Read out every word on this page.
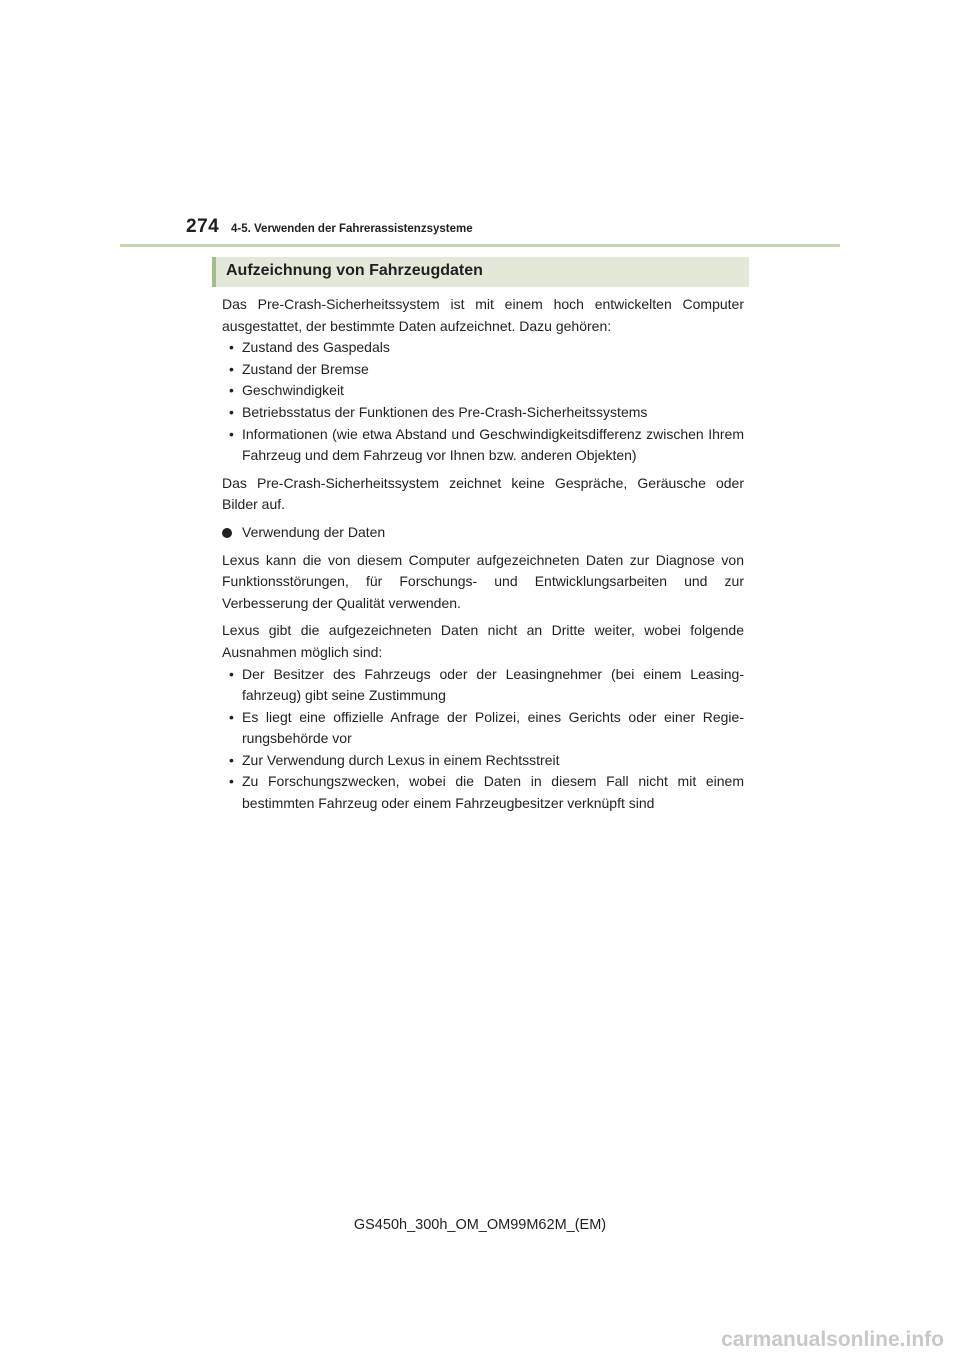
274 4-5. Verwenden der Fahrerassistenzsysteme
Aufzeichnung von Fahrzeugdaten

Das Pre-Crash-Sicherheitssystem ist mit einem hoch entwickelten Computer ausgestattet, der bestimmte Daten aufzeichnet. Dazu gehören:

• Zustand des Gaspedals
• Zustand der Bremse
• Geschwindigkeit
• Betriebsstatus der Funktionen des Pre-Crash-Sicherheitssystems
• Informationen (wie etwa Abstand und Geschwindigkeitsdifferenz zwischen Ihrem Fahrzeug und dem Fahrzeug vor Ihnen bzw. anderen Objekten)

Das Pre-Crash-Sicherheitssystem zeichnet keine Gespräche, Geräusche oder Bilder auf.

Verwendung der Daten

Lexus kann die von diesem Computer aufgezeichneten Daten zur Diagnose von Funktionsstörungen, für Forschungs- und Entwicklungsarbeiten und zur Verbesserung der Qualität verwenden.

Lexus gibt die aufgezeichneten Daten nicht an Dritte weiter, wobei folgende Ausnahmen möglich sind:

• Der Besitzer des Fahrzeugs oder der Leasingnehmer (bei einem Leasing-fahrzeug) gibt seine Zustimmung
• Es liegt eine offizielle Anfrage der Polizei, eines Gerichts oder einer Regie-rungsbehörde vor
• Zur Verwendung durch Lexus in einem Rechtsstreit
• Zu Forschungszwecken, wobei die Daten in diesem Fall nicht mit einem bestimmten Fahrzeug oder einem Fahrzeugbesitzer verknüpft sind
GS450h_300h_OM_OM99M62M_(EM)
carmanualsonline.info
